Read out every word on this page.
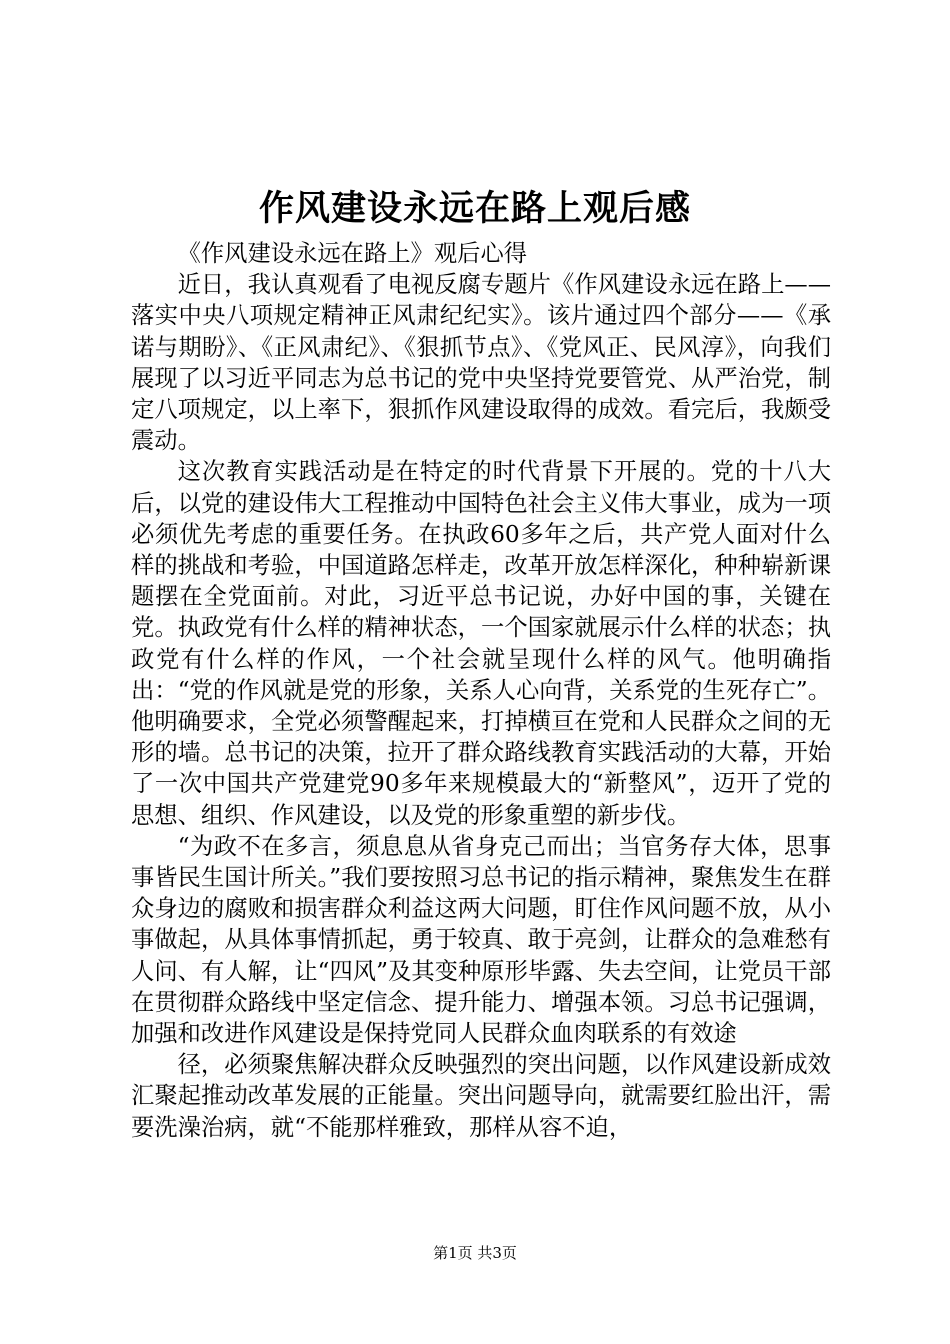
作风建设永远在路上观后感

《作风建设永远在路上》观后心得

近日，我认真观看了电视反腐专题片《作风建设永远在路上——落实中央八项规定精神正风肃纪纪实》。该片通过四个部分——《承诺与期盼》、《正风肃纪》、《狠抓节点》、《党风正、民风淳》，向我们展现了以习近平同志为总书记的党中央坚持党要管党、从严治党，制定八项规定，以上率下，狠抓作风建设取得的成效。看完后，我颇受震动。

这次教育实践活动是在特定的时代背景下开展的。党的十八大后，以党的建设伟大工程推动中国特色社会主义伟大事业，成为一项必须优先考虑的重要任务。在执政60多年之后，共产党人面对什么样的挑战和考验，中国道路怎样走，改革开放怎样深化，种种崭新课题摆在全党面前。对此，习近平总书记说，办好中国的事，关键在党。执政党有什么样的精神状态，一个国家就展示什么样的状态；执政党有什么样的作风，一个社会就呈现什么样的风气。他明确指出：“党的作风就是党的形象，关系人心向背，关系党的生死存亡”。他明确要求，全党必须警醒起来，打掉横亘在党和人民群众之间的无形的墙。总书记的决策，拉开了群众路线教育实践活动的大幕，开始了一次中国共产党建党90多年来规模最大的“新整风”，迈开了党的思想、组织、作风建设，以及党的形象重塑的新步伐。

“为政不在多言，须息息从省身克己而出；当官务存大体，思事事皆民生国计所关。”我们要按照习总书记的指示精神，聚焦发生在群众身边的腐败和损害群众利益这两大问题，盯住作风问题不放，从小事做起，从具体事情抓起，勇于较真、敢于亮剑，让群众的急难愁有人问、有人解，让“四风”及其变种原形毕露、失去空间，让党员干部在贯彻群众路线中坚定信念、提升能力、增强本领。习总书记强调，加强和改进作风建设是保持党同人民群众血肉联系的有效途

径，必须聚焦解决群众反映强烈的突出问题，以作风建设新成效汇聚起推动改革发展的正能量。突出问题导向，就需要红脸出汗，需要洗澡治病，就“不能那样雅致，那样从容不迫，

第1页 共3页
